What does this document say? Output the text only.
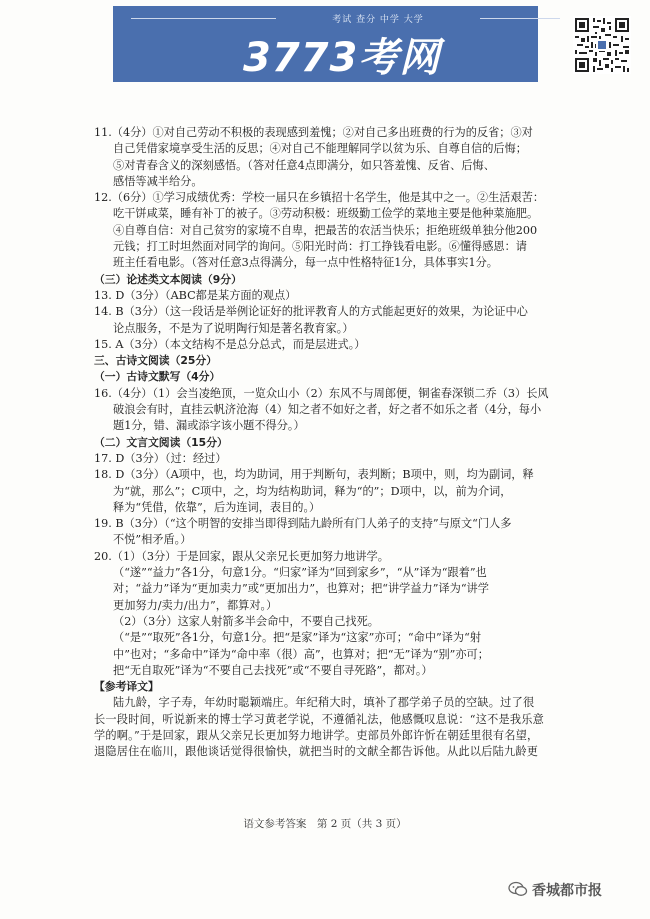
考试 查分 中学 大学
3773考网

11.（4分）①对自己劳动不积极的表现感到羞愧；②对自己多出班费的行为的反省；③对

自己凭借家境享受生活的反思；④对自己不能理解同学以贫为乐、自尊自信的后悔；

⑤对青春含义的深刻感悟。（答对任意4点即满分，如只答羞愧、反省、后悔、

感悟等减半给分。

12.（6分）①学习成绩优秀：学校一届只在乡镇招十名学生，他是其中之一。②生活艰苦：

吃干饼咸菜，睡有补丁的被子。③劳动积极：班级勤工俭学的菜地主要是他种菜施肥。

④自尊自信：对自己贫穷的家境不自卑，把最苦的农活当快乐；拒绝班级单独分他200

元钱；打工时坦然面对同学的询问。⑤阳光时尚：打工挣钱看电影。⑥懂得感恩：请

班主任看电影。（答对任意3点得满分，每一点中性格特征1分，具体事实1分。

（三）论述类文本阅读（9分）

13. D（3分）（ABC都是某方面的观点）

14. B（3分）（这一段话是举例论证好的批评教育人的方式能起更好的效果，为论证中心

论点服务，不是为了说明陶行知是著名教育家。）

15. A（3分）（本文结构不是总分总式，而是层进式。）

三、古诗文阅读（25分）

（一）古诗文默写（4分）

16.（4分）（1）会当凌绝顶，一览众山小（2）东风不与周郎便，铜雀春深锁二乔（3）长风

破浪会有时，直挂云帆济沧海（4）知之者不如好之者，好之者不如乐之者（4分，每小

题1分，错、漏或添字该小题不得分。）

（二）文言文阅读（15分）

17. D（3分）（过：经过）

18. D（3分）（A项中，也，均为助词，用于判断句，表判断；B项中，则，均为副词，释

为“就，那么”；C项中，之，均为结构助词，释为“的”；D项中，以，前为介词，

释为“凭借，依靠”，后为连词，表目的。）

19. B（3分）（“这个明智的安排当即得到陆九龄所有门人弟子的支持”与原文“门人多

不悦”相矛盾。）

20.（1）（3分）于是回家，跟从父亲兄长更加努力地讲学。

（“遂”“益力”各1分，句意1分。“归家”译为“回到家乡”，“从”译为“跟着”也

对；“益力”译为“更加卖力”或“更加出力”，也算对；把“讲学益力”译为“讲学

更加努力/卖力/出力”，都算对。）

（2）（3分）这家人射箭多半会命中，不要自己找死。

（“是”“取死”各1分，句意1分。把“是家”译为“这家”亦可；“命中”译为“射

中”也对；“多命中”译为“命中率（很）高”，也算对；把“无”译为“别”亦可；

把“无自取死”译为“不要自己去找死”或“不要自寻死路”，都对。）

【参考译文】

陆九龄，字子寿，年幼时聪颖端庄。年纪稍大时，填补了郡学弟子员的空缺。过了很

长一段时间，听说新来的博士学习黄老学说，不遵循礼法，他感慨叹息说：“这不是我乐意

学的啊。”于是回家，跟从父亲兄长更加努力地讲学。吏部员外郎许忻在朝廷里很有名望，

退隐居住在临川，跟他谈话觉得很愉快，就把当时的文献全都告诉他。从此以后陆九龄更

语文参考答案　第 2 页（共 3 页）
香城都市报
